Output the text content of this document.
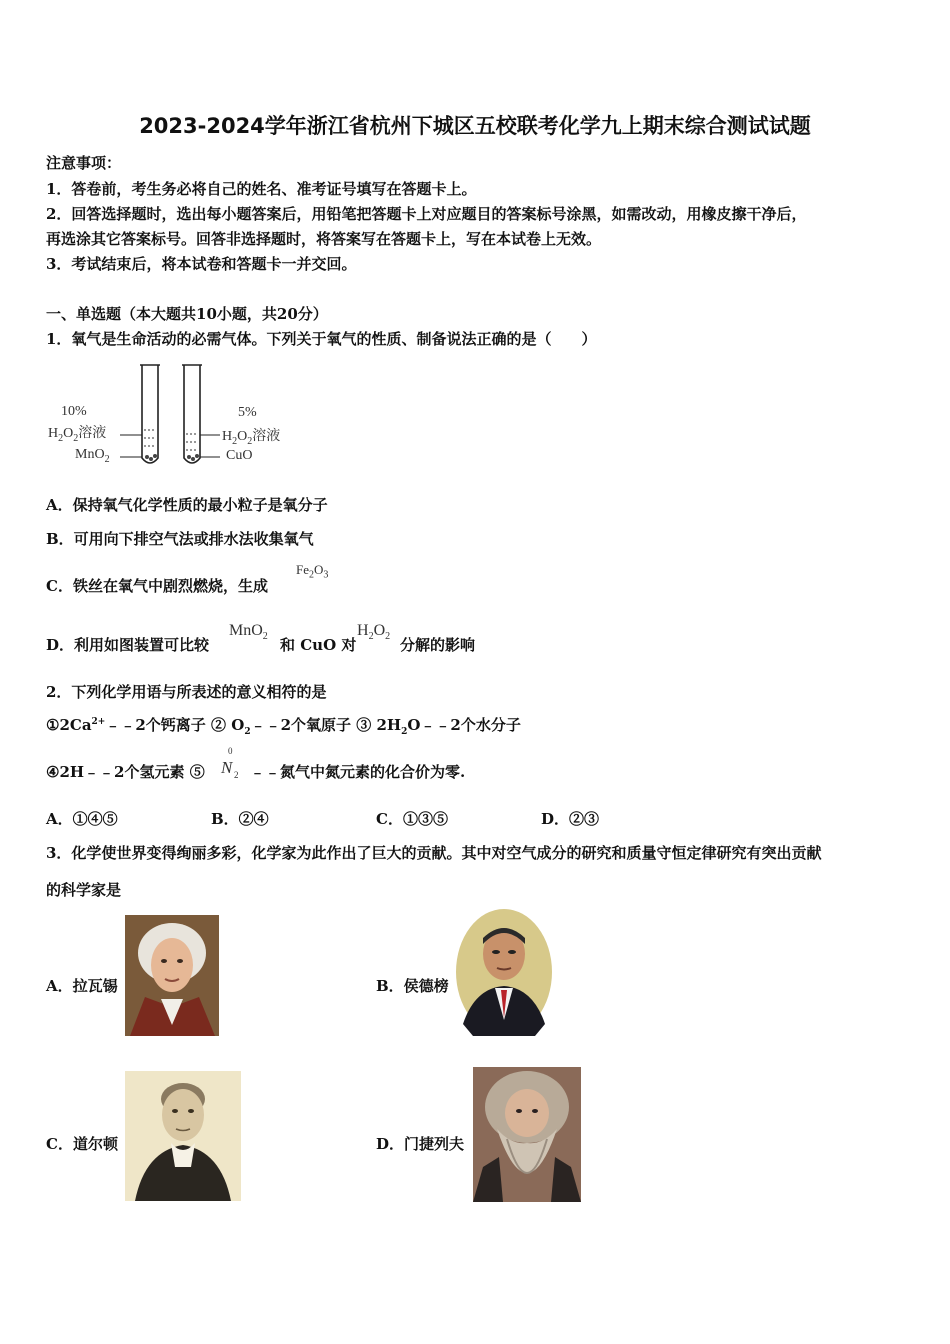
2023-2024学年浙江省杭州下城区五校联考化学九上期末综合测试试题
注意事项：
1．答卷前，考生务必将自己的姓名、准考证号填写在答题卡上。
2．回答选择题时，选出每小题答案后，用铅笔把答题卡上对应题目的答案标号涂黑，如需改动，用橡皮擦干净后，
再选涂其它答案标号。回答非选择题时，将答案写在答题卡上，写在本试卷上无效。
3．考试结束后，将本试卷和答题卡一并交回。
一、单选题（本大题共10小题，共20分）
1．氧气是生命活动的必需气体。下列关于氧气的性质、制备说法正确的是（　　）
10%
$H_2O_2$溶液
MnO$_2$
5%
$H_2O_2$溶液
CuO
A．保持氧气化学性质的最小粒子是氧分子
B．可用向下排空气法或排水法收集氧气
C．铁丝在氧气中剧烈燃烧，生成
$Fe_2O_3$
D．利用如图装置可比较
MnO$_2$ 和 CuO 对
$H_2O_2$ 分解的影响
2．下列化学用语与所表述的意义相符的是
$①2Ca^{2+}﹣﹣2$个钙离子 ② $O_2﹣﹣2$个氧原子 ③ $2H_2O﹣﹣2$个水分子
④2H﹣﹣2个氢元素 ⑤
0
N 2 ﹣﹣氮气中氮元素的化合价为零.
A．①④⑤	B．②④	C．①③⑤	D．②③
3．化学使世界变得绚丽多彩，化学家为此作出了巨大的贡献。其中对空气成分的研究和质量守恒定律研究有突出贡献
的科学家是
A．拉瓦锡	B．侯德榜
C．道尔顿	D．门捷列夫
